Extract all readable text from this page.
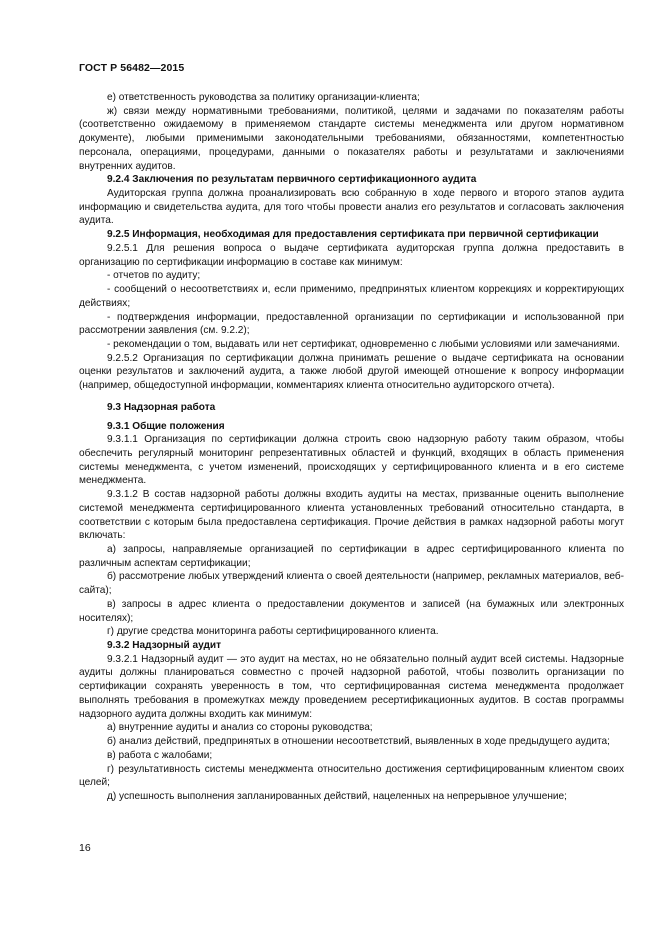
ГОСТ Р 56482—2015

е) ответственность руководства за политику организации-клиента;

ж) связи между нормативными требованиями, политикой, целями и задачами по показателям работы (соответственно ожидаемому в применяемом стандарте системы менеджмента или другом нормативном документе), любыми применимыми законодательными требованиями, обязанностями, компетентностью персонала, операциями, процедурами, данными о показателях работы и результатами и заключениями внутренних аудитов.

9.2.4 Заключения по результатам первичного сертификационного аудита

Аудиторская группа должна проанализировать всю собранную в ходе первого и второго этапов аудита информацию и свидетельства аудита, для того чтобы провести анализ его результатов и согласовать заключения аудита.

9.2.5 Информация, необходимая для предоставления сертификата при первичной сертификации

9.2.5.1 Для решения вопроса о выдаче сертификата аудиторская группа должна предоставить в организацию по сертификации информацию в составе как минимум:

- отчетов по аудиту;

- сообщений о несоответствиях и, если применимо, предпринятых клиентом коррекциях и корректирующих действиях;

- подтверждения информации, предоставленной организации по сертификации и использованной при рассмотрении заявления (см. 9.2.2);

- рекомендации о том, выдавать или нет сертификат, одновременно с любыми условиями или замечаниями.

9.2.5.2 Организация по сертификации должна принимать решение о выдаче сертификата на основании оценки результатов и заключений аудита, а также любой другой имеющей отношение к вопросу информации (например, общедоступной информации, комментариях клиента относительно аудиторского отчета).

9.3 Надзорная работа

9.3.1 Общие положения

9.3.1.1 Организация по сертификации должна строить свою надзорную работу таким образом, чтобы обеспечить регулярный мониторинг репрезентативных областей и функций, входящих в область применения системы менеджмента, с учетом изменений, происходящих у сертифицированного клиента и в его системе менеджмента.

9.3.1.2 В состав надзорной работы должны входить аудиты на местах, призванные оценить выполнение системой менеджмента сертифицированного клиента установленных требований относительно стандарта, в соответствии с которым была предоставлена сертификация. Прочие действия в рамках надзорной работы могут включать:

а) запросы, направляемые организацией по сертификации в адрес сертифицированного клиента по различным аспектам сертификации;

б) рассмотрение любых утверждений клиента о своей деятельности (например, рекламных материалов, веб-сайта);

в) запросы в адрес клиента о предоставлении документов и записей (на бумажных или электронных носителях);

г) другие средства мониторинга работы сертифицированного клиента.

9.3.2 Надзорный аудит

9.3.2.1 Надзорный аудит — это аудит на местах, но не обязательно полный аудит всей системы. Надзорные аудиты должны планироваться совместно с прочей надзорной работой, чтобы позволить организации по сертификации сохранять уверенность в том, что сертифицированная система менеджмента продолжает выполнять требования в промежутках между проведением ресертификационных аудитов. В состав программы надзорного аудита должны входить как минимум:

а) внутренние аудиты и анализ со стороны руководства;

б) анализ действий, предпринятых в отношении несоответствий, выявленных в ходе предыдущего аудита;

в) работа с жалобами;

г) результативность системы менеджмента относительно достижения сертифицированным клиентом своих целей;

д) успешность выполнения запланированных действий, нацеленных на непрерывное улучшение;

16
